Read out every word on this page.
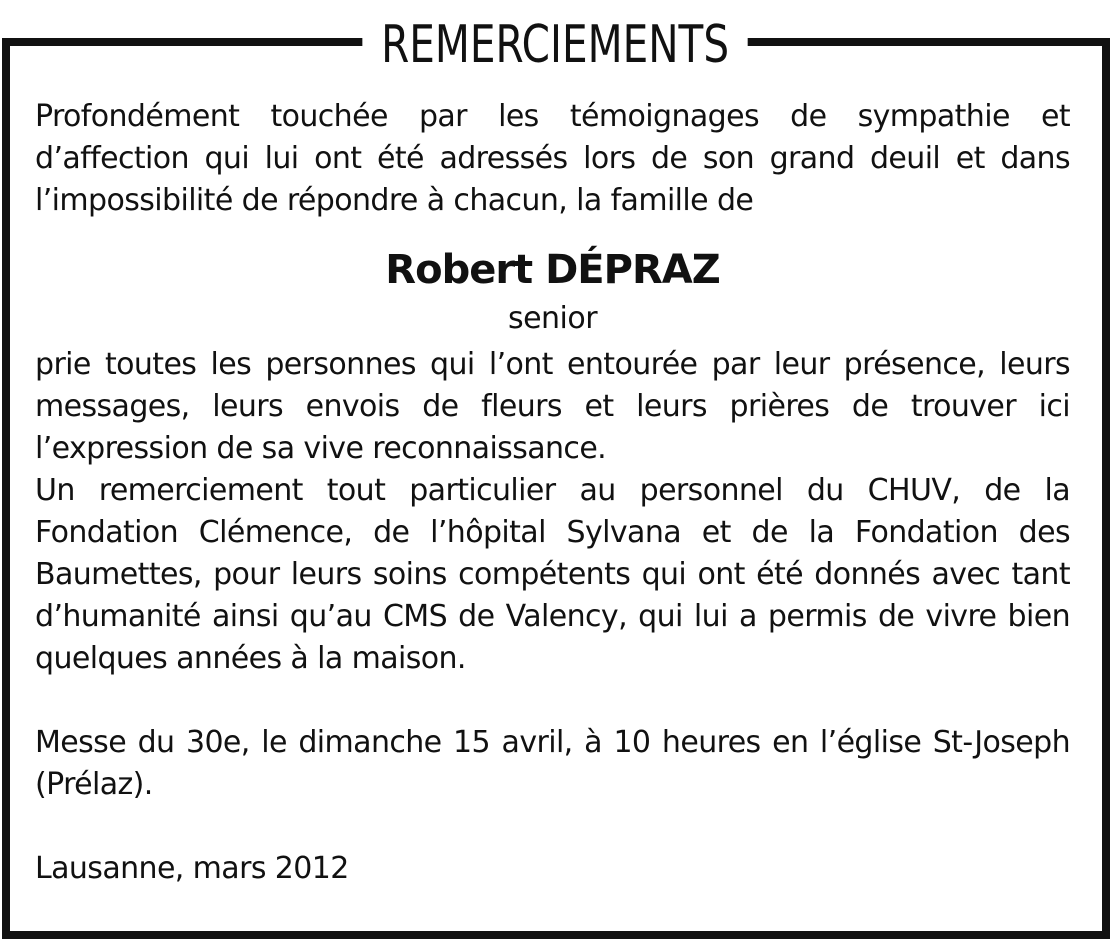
REMERCIEMENTS

Profondément touchée par les témoignages de sympathie et d’affection qui lui ont été adressés lors de son grand deuil et dans l’impossibilité de répondre à chacun, la famille de

Robert DÉPRAZ
senior

prie toutes les personnes qui l’ont entourée par leur présence, leurs messages, leurs envois de fleurs et leurs prières de trouver ici l’expression de sa vive reconnaissance.

Un remerciement tout particulier au personnel du CHUV, de la Fondation Clémence, de l’hôpital Sylvana et de la Fondation des Baumettes, pour leurs soins compétents qui ont été donnés avec tant d’humanité ainsi qu’au CMS de Valency, qui lui a permis de vivre bien quelques années à la maison.

Messe du 30e, le dimanche 15 avril, à 10 heures en l’église St-Joseph (Prélaz).

Lausanne, mars 2012
